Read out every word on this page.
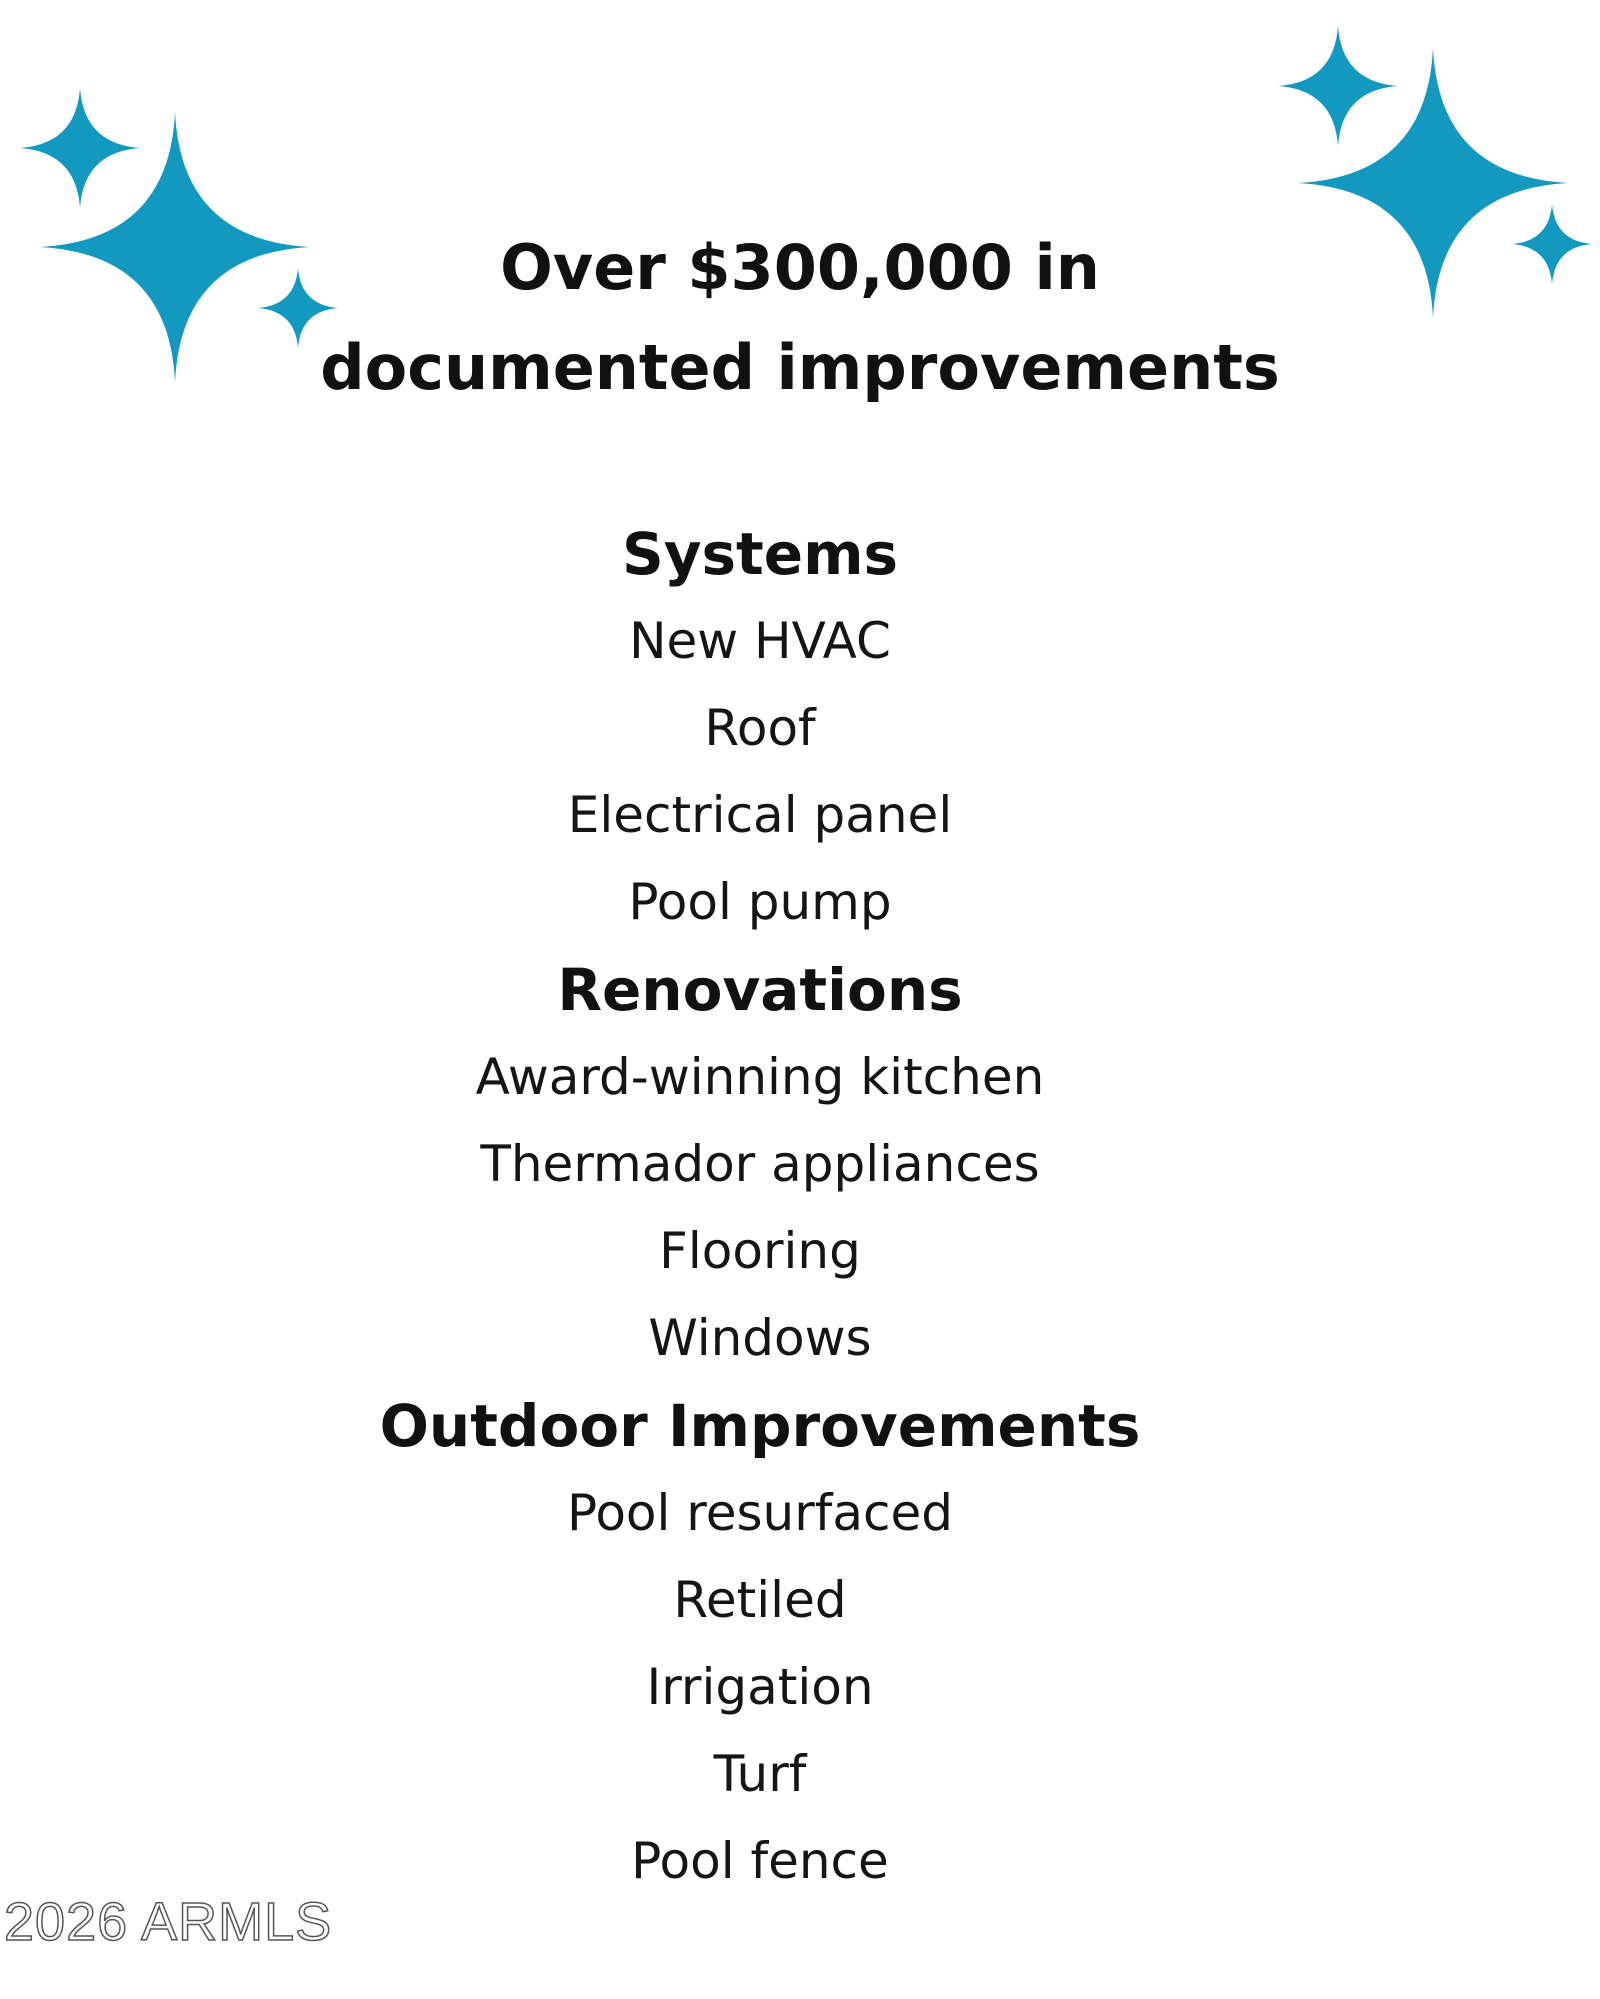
Over $300,000 in
documented improvements
Systems
New HVAC
Roof
Electrical panel
Pool pump
Renovations
Award-winning kitchen
Thermador appliances
Flooring
Windows
Outdoor Improvements
Pool resurfaced
Retiled
Irrigation
Turf
Pool fence
2026 ARMLS
